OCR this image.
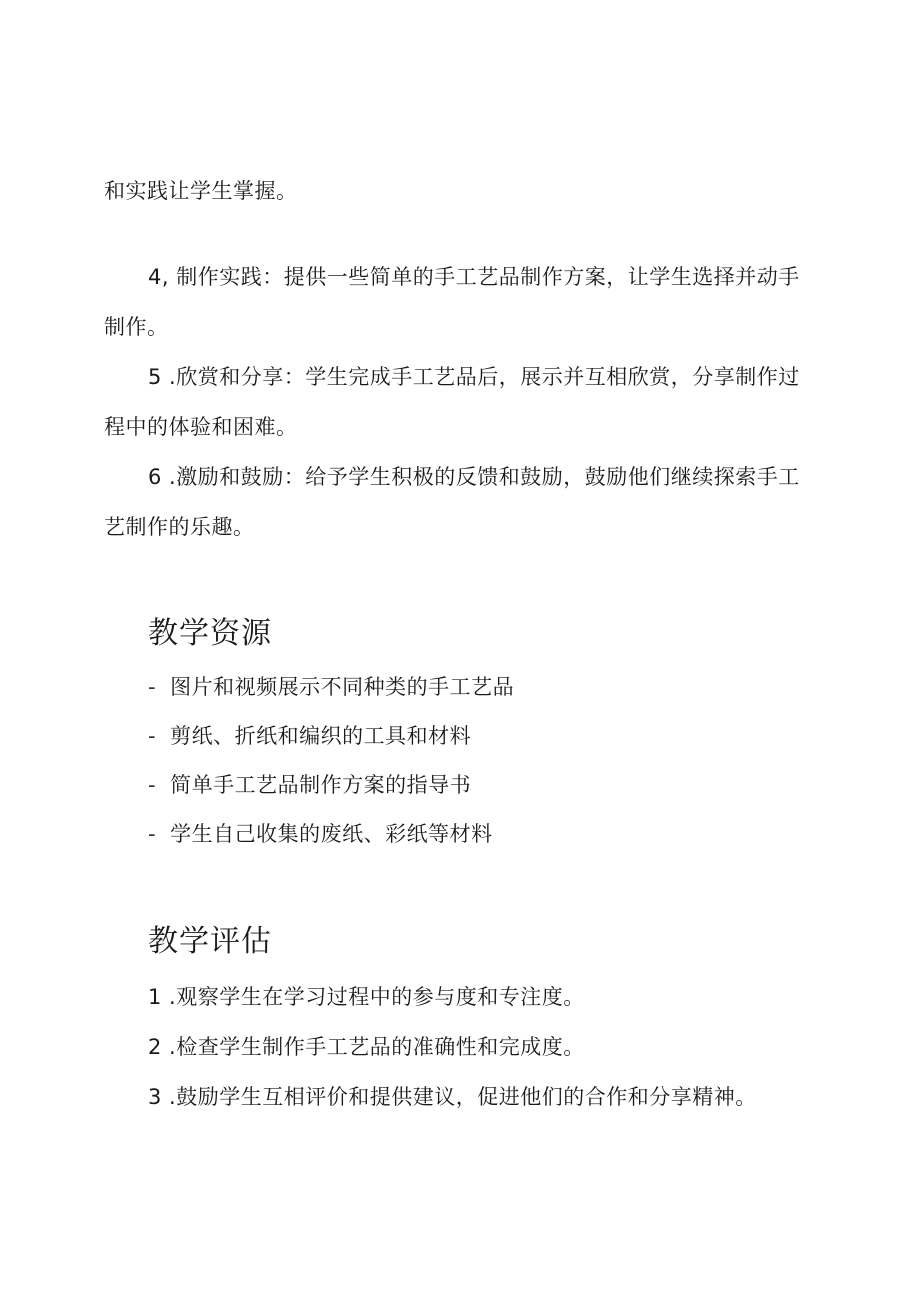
和实践让学生掌握。
4, 制作实践：提供一些简单的手工艺品制作方案，让学生选择并动手
制作。
5 .欣赏和分享：学生完成手工艺品后，展示并互相欣赏，分享制作过
程中的体验和困难。
6 .激励和鼓励：给予学生积极的反馈和鼓励，鼓励他们继续探索手工
艺制作的乐趣。
教学资源
- 图片和视频展示不同种类的手工艺品
- 剪纸、折纸和编织的工具和材料
- 简单手工艺品制作方案的指导书
- 学生自己收集的废纸、彩纸等材料
教学评估
1 .观察学生在学习过程中的参与度和专注度。
2 .检查学生制作手工艺品的准确性和完成度。
3 .鼓励学生互相评价和提供建议，促进他们的合作和分享精神。
